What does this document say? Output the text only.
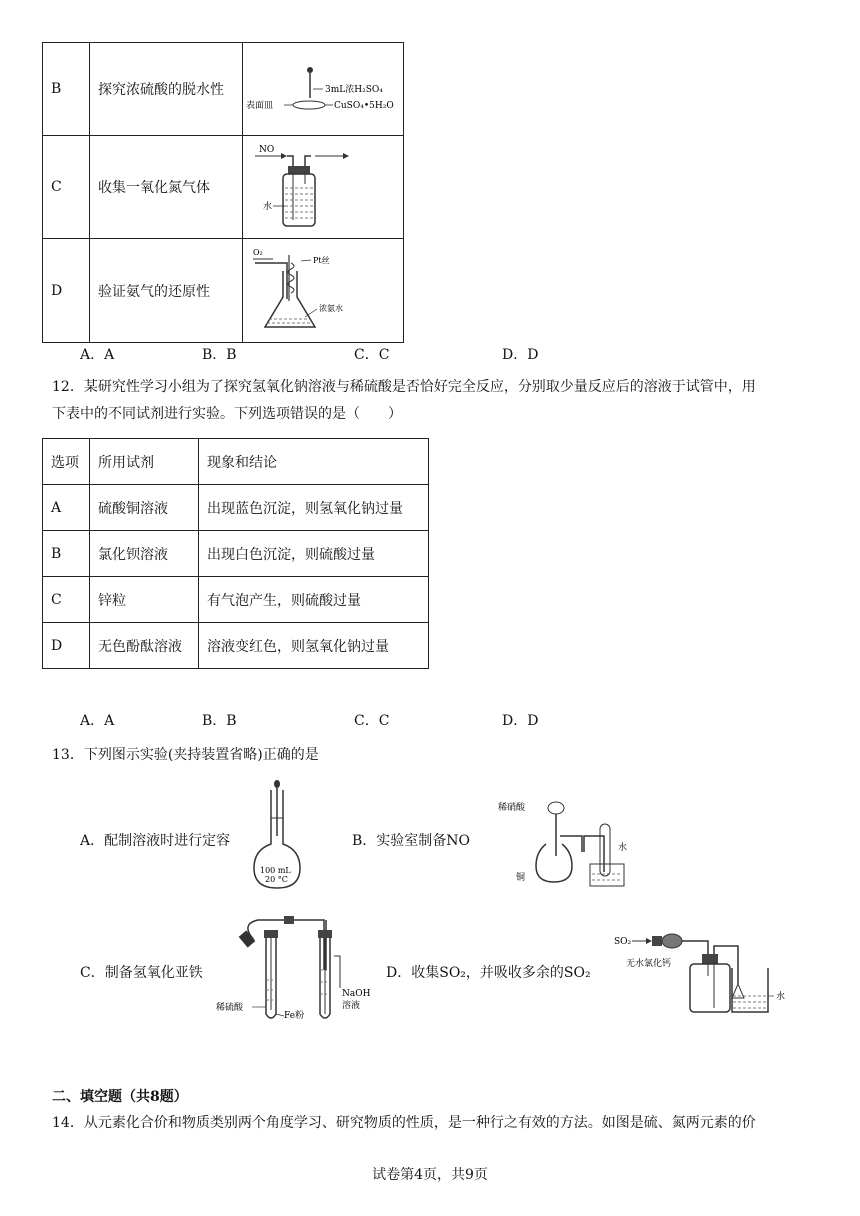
B	探究浓硫酸的脱水性	3mL浓H₂SO₄
表面皿 CuSO₄•5H₂O

C	收集一氧化氮气体	NO
水

D	验证氨气的还原性	O₂
Pt丝
浓氨水
A．A	B．B	C．C	D．D
12．某研究性学习小组为了探究氢氧化钠溶液与稀硫酸是否恰好完全反应，分别取少量反应后的溶液于试管中，用
下表中的不同试剂进行实验。下列选项错误的是（　　）
选项	所用试剂	现象和结论
A	硫酸铜溶液	出现蓝色沉淀，则氢氧化钠过量
B	氯化钡溶液	出现白色沉淀，则硫酸过量
C	锌粒	有气泡产生，则硫酸过量
D	无色酚酞溶液	溶液变红色，则氢氧化钠过量
A．A	B．B	C．C	D．D
13．下列图示实验(夹持装置省略)正确的是
A．配制溶液时进行定容
100 mL
20 °C
B．实验室制备NO
稀硝酸
水
铜
C．制备氢氧化亚铁
稀硫酸
Fe粉
NaOH
溶液
D．收集SO₂，并吸收多余的SO₂
SO₂
无水氯化钙
水
二、填空题（共8题）
14．从元素化合价和物质类别两个角度学习、研究物质的性质，是一种行之有效的方法。如图是硫、氮两元素的价
试卷第4页，共9页
